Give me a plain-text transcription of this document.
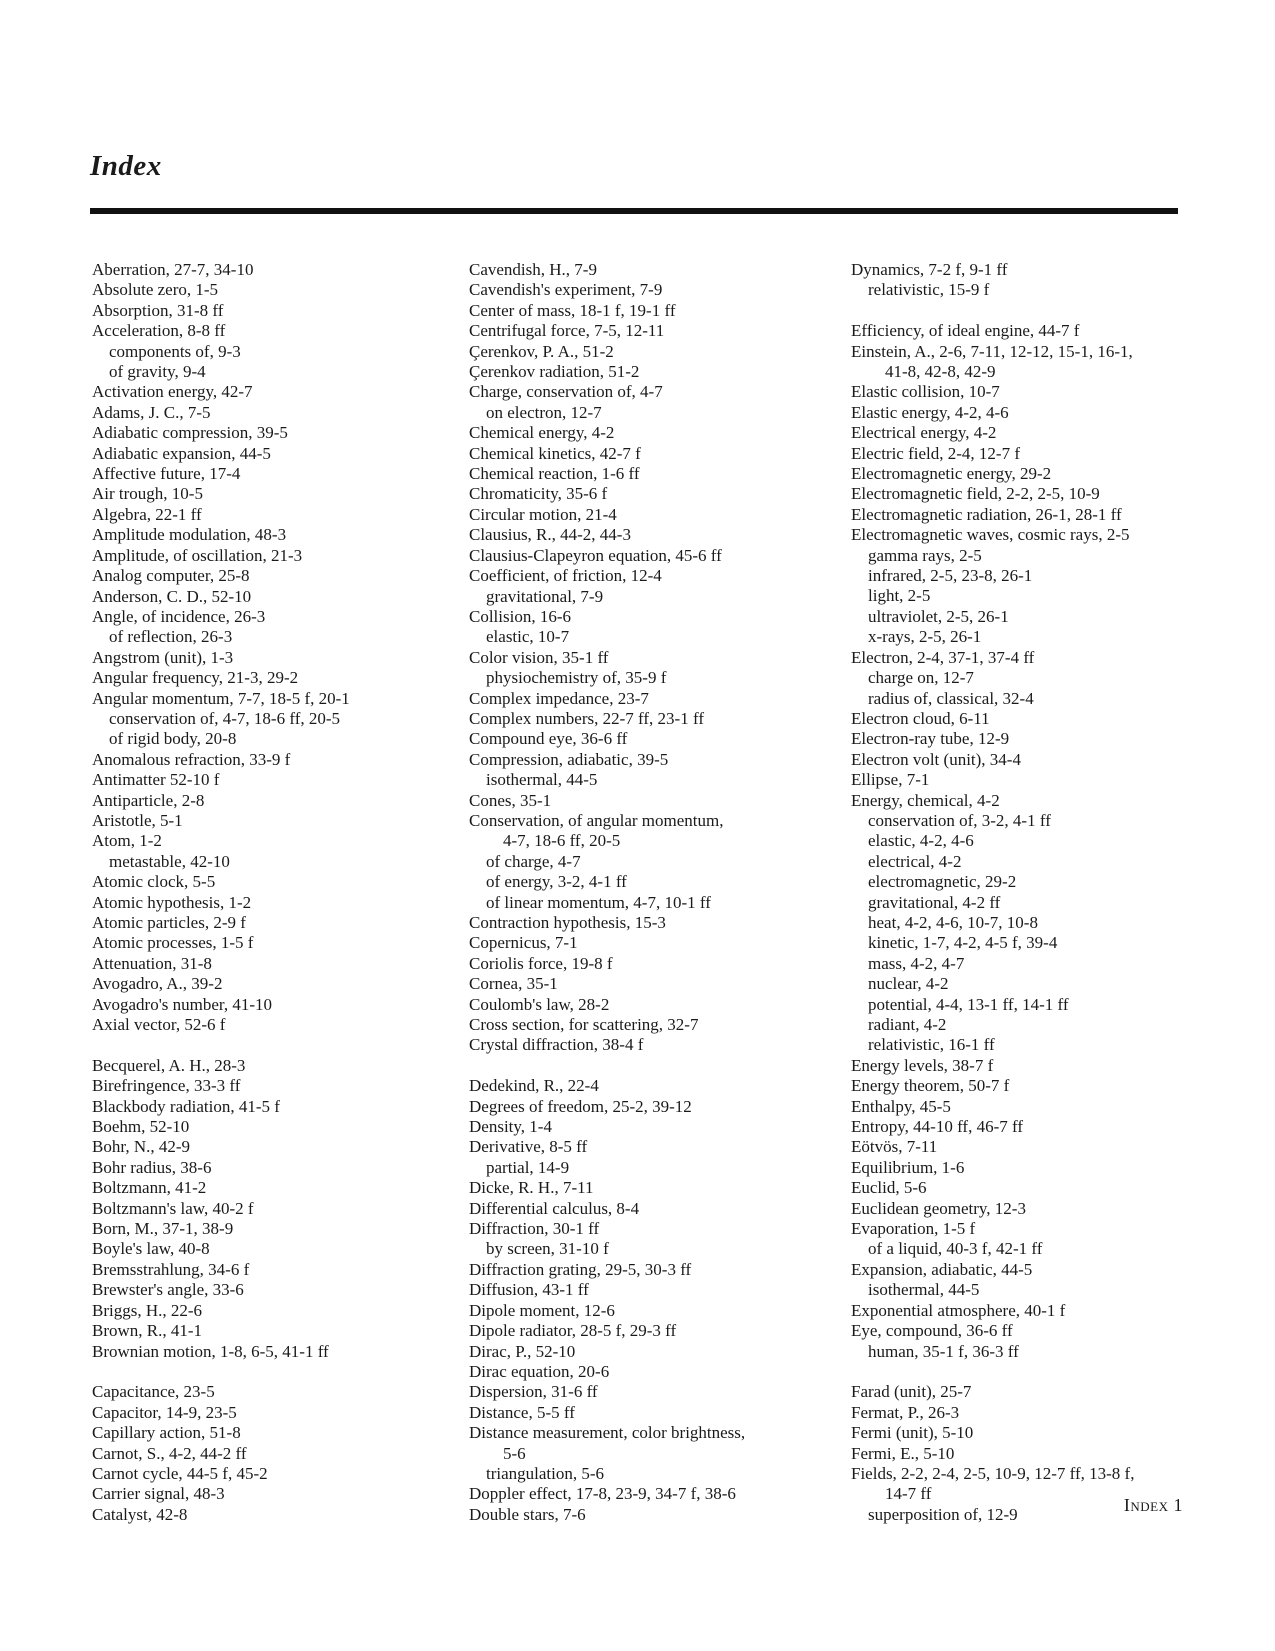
Index
Aberration, 27-7, 34-10
Absolute zero, 1-5
Absorption, 31-8 ff
Acceleration, 8-8 ff
components of, 9-3
of gravity, 9-4
Activation energy, 42-7
Adams, J. C., 7-5
Adiabatic compression, 39-5
Adiabatic expansion, 44-5
Affective future, 17-4
Air trough, 10-5
Algebra, 22-1 ff
Amplitude modulation, 48-3
Amplitude, of oscillation, 21-3
Analog computer, 25-8
Anderson, C. D., 52-10
Angle, of incidence, 26-3
of reflection, 26-3
Angstrom (unit), 1-3
Angular frequency, 21-3, 29-2
Angular momentum, 7-7, 18-5 f, 20-1
conservation of, 4-7, 18-6 ff, 20-5
of rigid body, 20-8
Anomalous refraction, 33-9 f
Antimatter 52-10 f
Antiparticle, 2-8
Aristotle, 5-1
Atom, 1-2
metastable, 42-10
Atomic clock, 5-5
Atomic hypothesis, 1-2
Atomic particles, 2-9 f
Atomic processes, 1-5 f
Attenuation, 31-8
Avogadro, A., 39-2
Avogadro's number, 41-10
Axial vector, 52-6 f
Becquerel, A. H., 28-3
Birefringence, 33-3 ff
Blackbody radiation, 41-5 f
Boehm, 52-10
Bohr, N., 42-9
Bohr radius, 38-6
Boltzmann, 41-2
Boltzmann's law, 40-2 f
Born, M., 37-1, 38-9
Boyle's law, 40-8
Bremsstrahlung, 34-6 f
Brewster's angle, 33-6
Briggs, H., 22-6
Brown, R., 41-1
Brownian motion, 1-8, 6-5, 41-1 ff
Capacitance, 23-5
Capacitor, 14-9, 23-5
Capillary action, 51-8
Carnot, S., 4-2, 44-2 ff
Carnot cycle, 44-5 f, 45-2
Carrier signal, 48-3
Catalyst, 42-8
Cavendish, H., 7-9
Cavendish's experiment, 7-9
Center of mass, 18-1 f, 19-1 ff
Centrifugal force, 7-5, 12-11
Çerenkov, P. A., 51-2
Çerenkov radiation, 51-2
Charge, conservation of, 4-7
on electron, 12-7
Chemical energy, 4-2
Chemical kinetics, 42-7 f
Chemical reaction, 1-6 ff
Chromaticity, 35-6 f
Circular motion, 21-4
Clausius, R., 44-2, 44-3
Clausius-Clapeyron equation, 45-6 ff
Coefficient, of friction, 12-4
gravitational, 7-9
Collision, 16-6
elastic, 10-7
Color vision, 35-1 ff
physiochemistry of, 35-9 f
Complex impedance, 23-7
Complex numbers, 22-7 ff, 23-1 ff
Compound eye, 36-6 ff
Compression, adiabatic, 39-5
isothermal, 44-5
Cones, 35-1
Conservation, of angular momentum,
4-7, 18-6 ff, 20-5
of charge, 4-7
of energy, 3-2, 4-1 ff
of linear momentum, 4-7, 10-1 ff
Contraction hypothesis, 15-3
Copernicus, 7-1
Coriolis force, 19-8 f
Cornea, 35-1
Coulomb's law, 28-2
Cross section, for scattering, 32-7
Crystal diffraction, 38-4 f
Dedekind, R., 22-4
Degrees of freedom, 25-2, 39-12
Density, 1-4
Derivative, 8-5 ff
partial, 14-9
Dicke, R. H., 7-11
Differential calculus, 8-4
Diffraction, 30-1 ff
by screen, 31-10 f
Diffraction grating, 29-5, 30-3 ff
Diffusion, 43-1 ff
Dipole moment, 12-6
Dipole radiator, 28-5 f, 29-3 ff
Dirac, P., 52-10
Dirac equation, 20-6
Dispersion, 31-6 ff
Distance, 5-5 ff
Distance measurement, color brightness,
5-6
triangulation, 5-6
Doppler effect, 17-8, 23-9, 34-7 f, 38-6
Double stars, 7-6
Dynamics, 7-2 f, 9-1 ff
relativistic, 15-9 f
Efficiency, of ideal engine, 44-7 f
Einstein, A., 2-6, 7-11, 12-12, 15-1, 16-1,
41-8, 42-8, 42-9
Elastic collision, 10-7
Elastic energy, 4-2, 4-6
Electrical energy, 4-2
Electric field, 2-4, 12-7 f
Electromagnetic energy, 29-2
Electromagnetic field, 2-2, 2-5, 10-9
Electromagnetic radiation, 26-1, 28-1 ff
Electromagnetic waves, cosmic rays, 2-5
gamma rays, 2-5
infrared, 2-5, 23-8, 26-1
light, 2-5
ultraviolet, 2-5, 26-1
x-rays, 2-5, 26-1
Electron, 2-4, 37-1, 37-4 ff
charge on, 12-7
radius of, classical, 32-4
Electron cloud, 6-11
Electron-ray tube, 12-9
Electron volt (unit), 34-4
Ellipse, 7-1
Energy, chemical, 4-2
conservation of, 3-2, 4-1 ff
elastic, 4-2, 4-6
electrical, 4-2
electromagnetic, 29-2
gravitational, 4-2 ff
heat, 4-2, 4-6, 10-7, 10-8
kinetic, 1-7, 4-2, 4-5 f, 39-4
mass, 4-2, 4-7
nuclear, 4-2
potential, 4-4, 13-1 ff, 14-1 ff
radiant, 4-2
relativistic, 16-1 ff
Energy levels, 38-7 f
Energy theorem, 50-7 f
Enthalpy, 45-5
Entropy, 44-10 ff, 46-7 ff
Eötvös, 7-11
Equilibrium, 1-6
Euclid, 5-6
Euclidean geometry, 12-3
Evaporation, 1-5 f
of a liquid, 40-3 f, 42-1 ff
Expansion, adiabatic, 44-5
isothermal, 44-5
Exponential atmosphere, 40-1 f
Eye, compound, 36-6 ff
human, 35-1 f, 36-3 ff
Farad (unit), 25-7
Fermat, P., 26-3
Fermi (unit), 5-10
Fermi, E., 5-10
Fields, 2-2, 2-4, 2-5, 10-9, 12-7 ff, 13-8 f,
14-7 ff
superposition of, 12-9	Index 1
